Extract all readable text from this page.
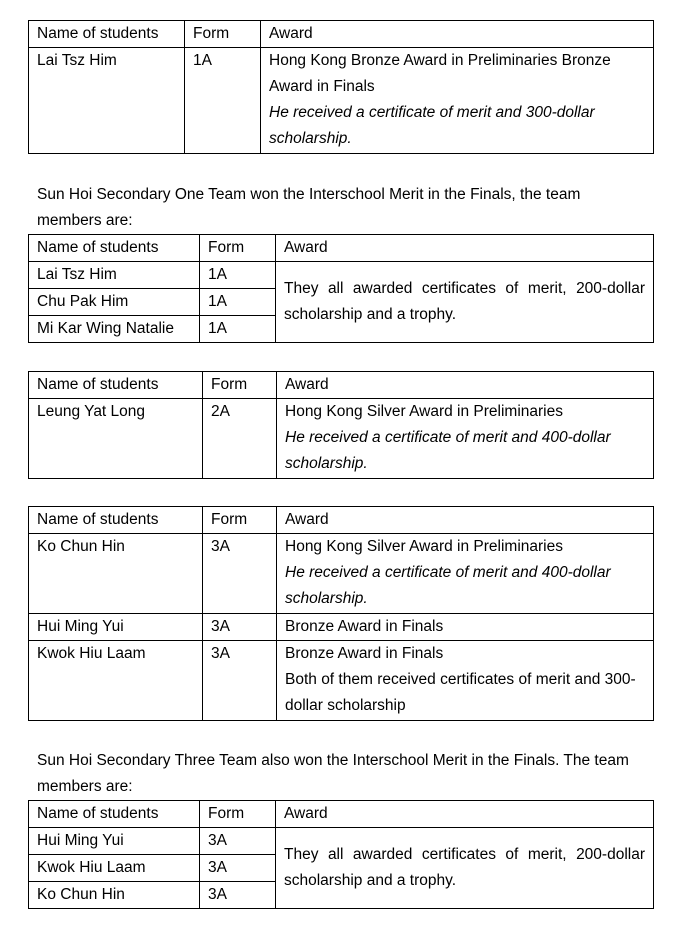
Name of students	Form	Award
Lai Tsz Him	1A	Hong Kong Bronze Award in Preliminaries Bronze Award in Finals
He received a certificate of merit and 300-dollar scholarship.

Sun Hoi Secondary One Team won the Interschool Merit in the Finals, the team members are:

Name of students	Form	Award
Lai Tsz Him	1A	They all awarded certificates of merit, 200-dollar scholarship and a trophy.
Chu Pak Him	1A	
Mi Kar Wing Natalie	1A	
Name of students	Form	Award
Leung Yat Long	2A	Hong Kong Silver Award in Preliminaries
He received a certificate of merit and 400-dollar scholarship.
Name of students	Form	Award
Ko Chun Hin	3A	Hong Kong Silver Award in Preliminaries
He received a certificate of merit and 400-dollar scholarship.

Hui Ming Yui	3A	Bronze Award in Finals
Kwok Hiu Laam	3A	Bronze Award in Finals
Both of them received certificates of merit and 300-dollar scholarship

Sun Hoi Secondary Three Team also won the Interschool Merit in the Finals. The team members are:

Name of students	Form	Award
Hui Ming Yui	3A	They all awarded certificates of merit, 200-dollar scholarship and a trophy.
Kwok Hiu Laam	3A	
Ko Chun Hin	3A	
